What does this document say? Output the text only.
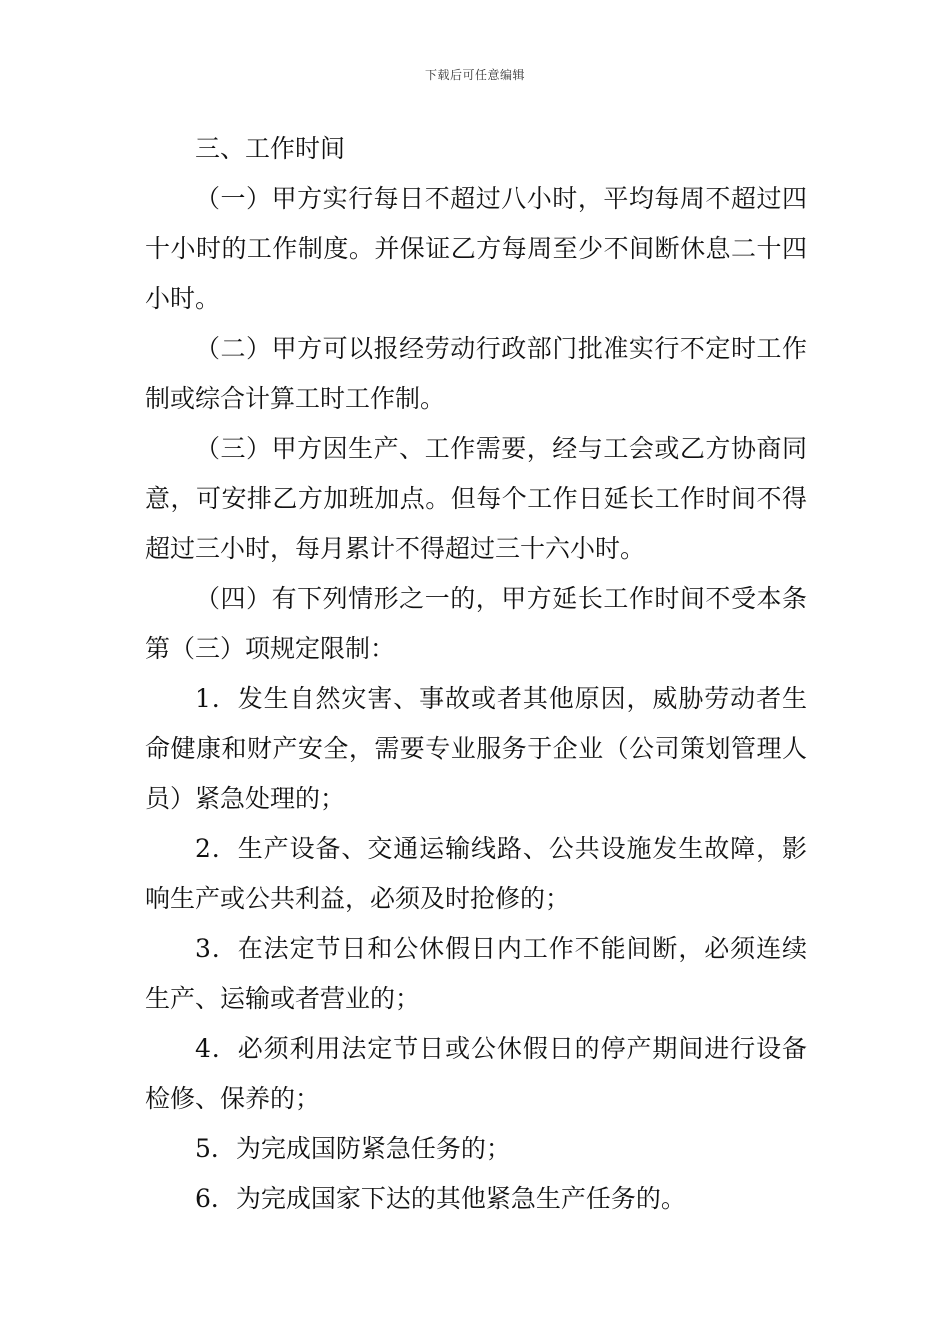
下载后可任意编辑

三、工作时间

（一）甲方实行每日不超过八小时，平均每周不超过四十小时的工作制度。并保证乙方每周至少不间断休息二十四小时。

（二）甲方可以报经劳动行政部门批准实行不定时工作制或综合计算工时工作制。

（三）甲方因生产、工作需要，经与工会或乙方协商同意，可安排乙方加班加点。但每个工作日延长工作时间不得超过三小时，每月累计不得超过三十六小时。

（四）有下列情形之一的，甲方延长工作时间不受本条第（三）项规定限制：

1．发生自然灾害、事故或者其他原因，威胁劳动者生命健康和财产安全，需要专业服务于企业（公司策划管理人员）紧急处理的；

2．生产设备、交通运输线路、公共设施发生故障，影响生产或公共利益，必须及时抢修的；

3．在法定节日和公休假日内工作不能间断，必须连续生产、运输或者营业的；

4．必须利用法定节日或公休假日的停产期间进行设备检修、保养的；

5．为完成国防紧急任务的；

6．为完成国家下达的其他紧急生产任务的。
